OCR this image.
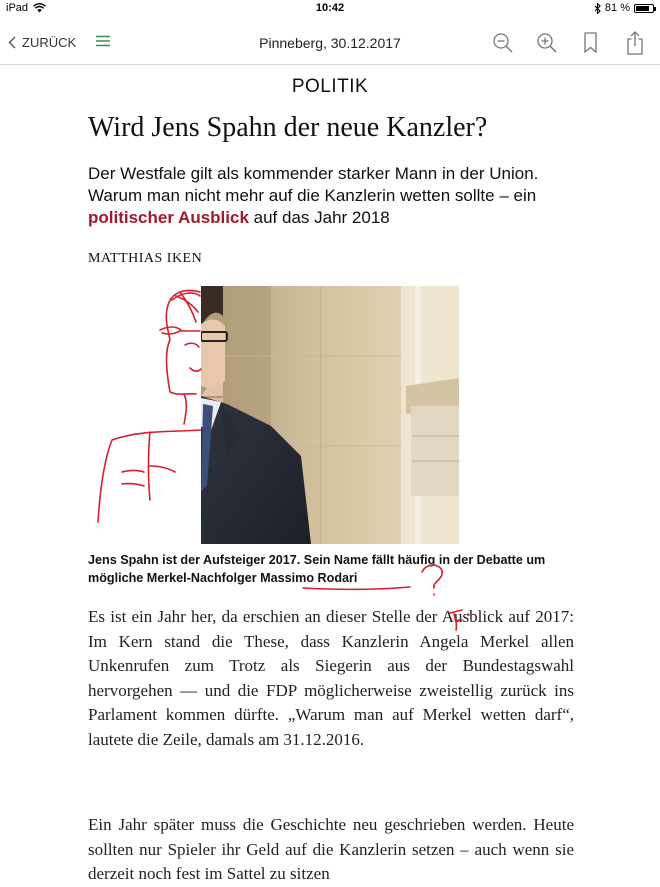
iPad	10:42	81 %
ZURÜCK	Pinneberg, 30.12.2017
POLITIK
Wird Jens Spahn der neue Kanzler?

Der Westfale gilt als kommender starker Mann in der Union. Warum man nicht mehr auf die Kanzlerin wetten sollte – ein politischer Ausblick auf das Jahr 2018

MATTHIAS IKEN

Jens Spahn ist der Aufsteiger 2017. Sein Name fällt häufig in der Debatte um mögliche Merkel-Nachfolger Massimo Rodari

Es ist ein Jahr her, da erschien an dieser Stelle der Ausblick auf 2017: Im Kern stand die These, dass Kanzlerin Angela Merkel allen Unkenrufen zum Trotz als Siegerin aus der Bundestagswahl hervorgehen — und die FDP möglicherweise zweistellig zurück ins Parlament kommen dürfte. „Warum man auf Merkel wetten darf“, lautete die Zeile, damals am 31.12.2016.

Ein Jahr später muss die Geschichte neu geschrieben werden. Heute sollten nur Spieler ihr Geld auf die Kanzlerin setzen – auch wenn sie derzeit noch fest im Sattel zu sitzen
